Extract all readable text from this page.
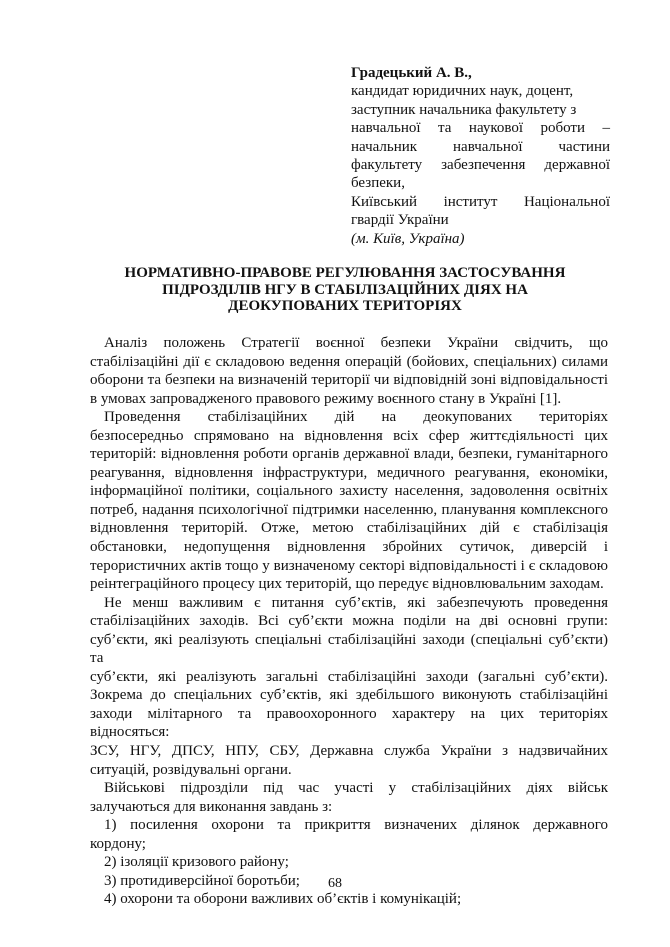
Градецький А. В.,
кандидат юридичних наук, доцент,
заступник начальника факультету з
навчальної та наукової роботи –
начальник навчальної частини
факультету забезпечення державної
безпеки,
Київський інститут Національної
гвардії України
(м. Київ, Україна)
НОРМАТИВНО-ПРАВОВЕ РЕГУЛЮВАННЯ ЗАСТОСУВАННЯ
ПІДРОЗДІЛІВ НГУ В СТАБІЛІЗАЦІЙНИХ ДІЯХ НА
ДЕОКУПОВАНИХ ТЕРИТОРІЯХ

Аналіз положень Стратегії воєнної безпеки України свідчить, що
стабілізаційні дії є складовою ведення операцій (бойових, спеціальних) силами
оборони та безпеки на визначеній території чи відповідній зоні відповідальності
в умовах запровадженого правового режиму воєнного стану в Україні [1].

Проведення стабілізаційних дій на деокупованих територіях
безпосередньо спрямовано на відновлення всіх сфер життєдіяльності цих
територій: відновлення роботи органів державної влади, безпеки, гуманітарного
реагування, відновлення інфраструктури, медичного реагування, економіки,
інформаційної політики, соціального захисту населення, задоволення освітніх
потреб, надання психологічної підтримки населенню, планування комплексного
відновлення територій. Отже, метою стабілізаційних дій є стабілізація
обстановки, недопущення відновлення збройних сутичок, диверсій і
терористичних актів тощо у визначеному секторі відповідальності і є складовою
реінтеграційного процесу цих територій, що передує відновлювальним заходам.

Не менш важливим є питання суб’єктів, які забезпечують проведення
стабілізаційних заходів. Всі суб’єкти можна поділи на дві основні групи:
суб’єкти, які реалізують спеціальні стабілізаційні заходи (спеціальні суб’єкти) та
суб’єкти, які реалізують загальні стабілізаційні заходи (загальні суб’єкти).
Зокрема до спеціальних суб’єктів, які здебільшого виконують стабілізаційні
заходи мілітарного та правоохоронного характеру на цих територіях відносяться:
ЗСУ, НГУ, ДПСУ, НПУ, СБУ, Державна служба України з надзвичайних
ситуацій, розвідувальні органи.

Військові підрозділи під час участі у стабілізаційних діях військ
залучаються для виконання завдань з:

1) посилення охорони та прикриття визначених ділянок державного
кордону;

2) ізоляції кризового району;

3) протидиверсійної боротьби;

4) охорони та оборони важливих об’єктів і комунікацій;

68
